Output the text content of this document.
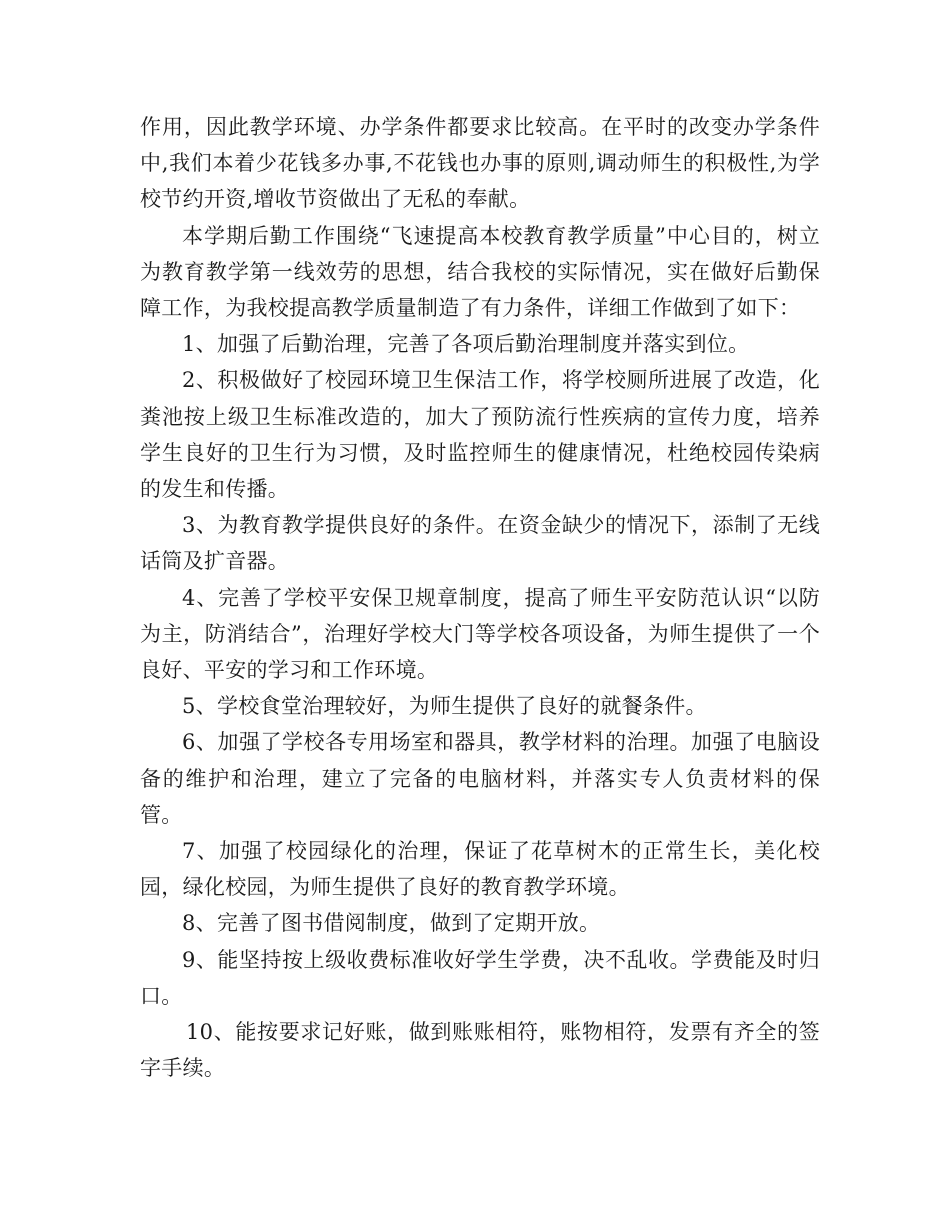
作用，因此教学环境、办学条件都要求比较高。在平时的改变办学条件中,我们本着少花钱多办事,不花钱也办事的原则,调动师生的积极性,为学校节约开资,增收节资做出了无私的奉献。

本学期后勤工作围绕“飞速提高本校教育教学质量”中心目的，树立为教育教学第一线效劳的思想，结合我校的实际情况，实在做好后勤保障工作，为我校提高教学质量制造了有力条件，详细工作做到了如下：

1、加强了后勤治理，完善了各项后勤治理制度并落实到位。

2、积极做好了校园环境卫生保洁工作，将学校厕所进展了改造，化粪池按上级卫生标准改造的，加大了预防流行性疾病的宣传力度，培养学生良好的卫生行为习惯，及时监控师生的健康情况，杜绝校园传染病的发生和传播。

3、为教育教学提供良好的条件。在资金缺少的情况下，添制了无线话筒及扩音器。

4、完善了学校平安保卫规章制度，提高了师生平安防范认识“以防为主，防消结合”，治理好学校大门等学校各项设备，为师生提供了一个良好、平安的学习和工作环境。

5、学校食堂治理较好，为师生提供了良好的就餐条件。

6、加强了学校各专用场室和器具，教学材料的治理。加强了电脑设备的维护和治理，建立了完备的电脑材料，并落实专人负责材料的保管。

7、加强了校园绿化的治理，保证了花草树木的正常生长，美化校园，绿化校园，为师生提供了良好的教育教学环境。

8、完善了图书借阅制度，做到了定期开放。

9、能坚持按上级收费标准收好学生学费，决不乱收。学费能及时归口。

10、能按要求记好账，做到账账相符，账物相符，发票有齐全的签字手续。
